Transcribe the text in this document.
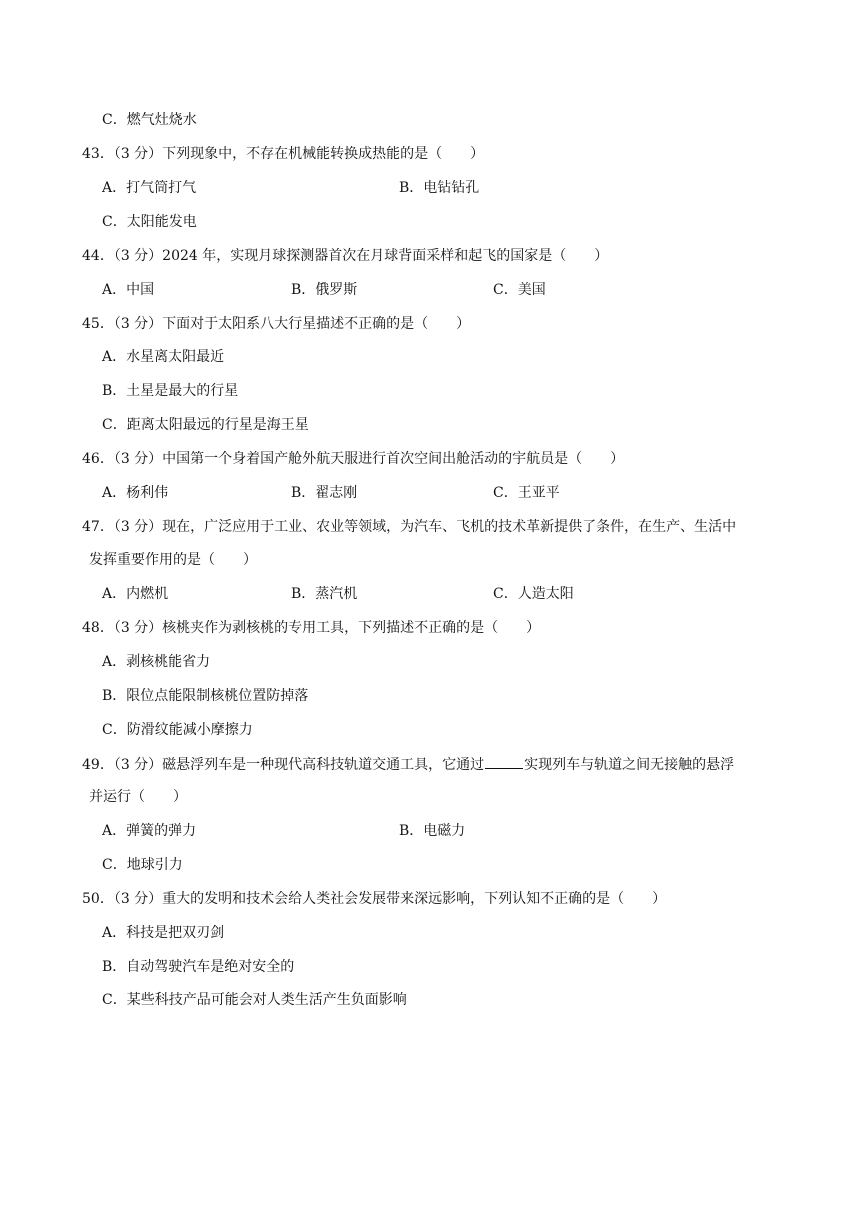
C．燃气灶烧水
43．（3 分）下列现象中，不存在机械能转换成热能的是（　　）
A．打气筒打气	B．电钻钻孔
C．太阳能发电
44．（3 分）2024 年，实现月球探测器首次在月球背面采样和起飞的国家是（　　）
A．中国	B．俄罗斯	C．美国
45．（3 分）下面对于太阳系八大行星描述不正确的是（　　）
A．水星离太阳最近
B．土星是最大的行星
C．距离太阳最远的行星是海王星
46．（3 分）中国第一个身着国产舱外航天服进行首次空间出舱活动的宇航员是（　　）
A．杨利伟	B．翟志刚	C．王亚平
47．（3 分）现在，广泛应用于工业、农业等领域，为汽车、飞机的技术革新提供了条件，在生产、生活中
发挥重要作用的是（　　）
A．内燃机	B．蒸汽机	C．人造太阳
48．（3 分）核桃夹作为剥核桃的专用工具，下列描述不正确的是（　　）
A．剥核桃能省力
B．限位点能限制核桃位置防掉落
C．防滑纹能减小摩擦力
49．（3 分）磁悬浮列车是一种现代高科技轨道交通工具，它通过	实现列车与轨道之间无接触的悬浮
并运行（　　）
A．弹簧的弹力	B．电磁力
C．地球引力
50．（3 分）重大的发明和技术会给人类社会发展带来深远影响，下列认知不正确的是（　　）
A．科技是把双刃剑
B．自动驾驶汽车是绝对安全的
C．某些科技产品可能会对人类生活产生负面影响
